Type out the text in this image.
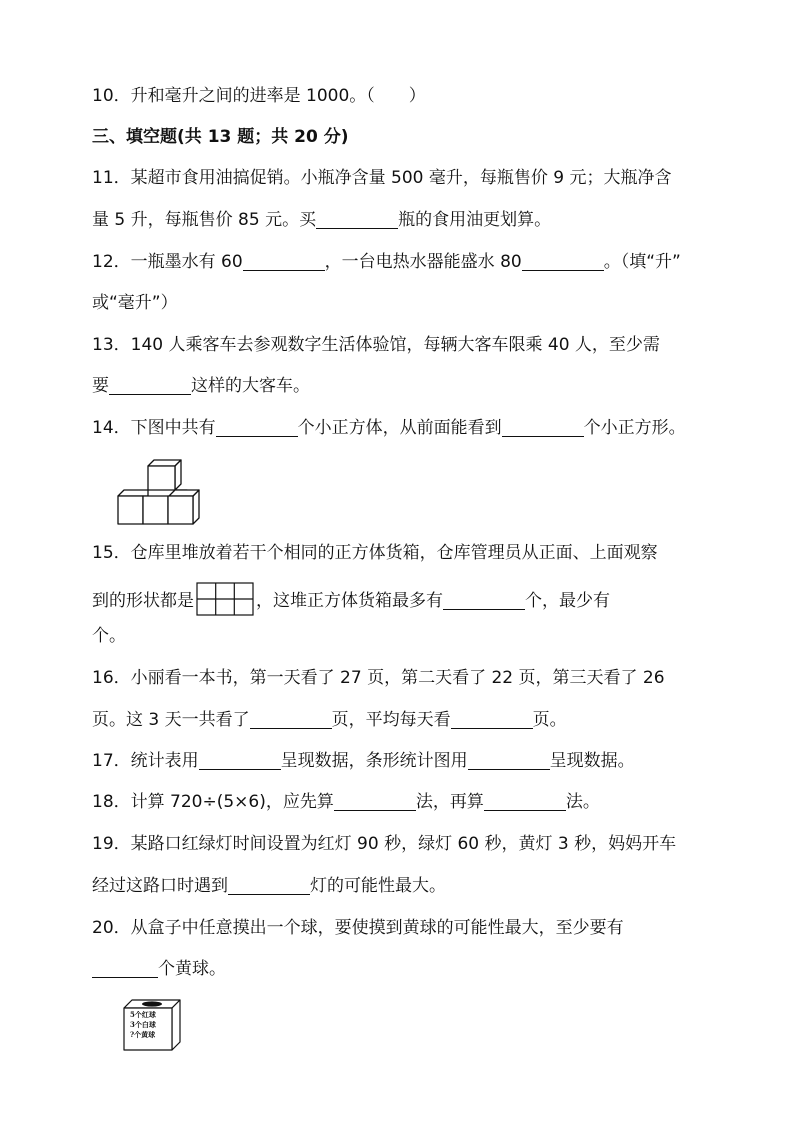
10．升和毫升之间的进率是 1000。（　　）
三、填空题(共 13 题；共 20 分)
11．某超市食用油搞促销。小瓶净含量 500 毫升，每瓶售价 9 元；大瓶净含
量 5 升，每瓶售价 85 元。买	瓶的食用油更划算。
12．一瓶墨水有 60	，一台电热水器能盛水 80	。（填“升”
或“毫升”）
13．140 人乘客车去参观数字生活体验馆，每辆大客车限乘 40 人，至少需
要	这样的大客车。
14．下图中共有	个小正方体，从前面能看到	个小正方形。
15．仓库里堆放着若干个相同的正方体货箱，仓库管理员从正面、上面观察
到的形状都是	，这堆正方体货箱最多有	个，最少有
个。
16．小丽看一本书，第一天看了 27 页，第二天看了 22 页，第三天看了 26
页。这 3 天一共看了	页，平均每天看	页。
17．统计表用	呈现数据，条形统计图用	呈现数据。
18．计算 720÷(5×6)，应先算	法，再算	法。
19．某路口红绿灯时间设置为红灯 90 秒，绿灯 60 秒，黄灯 3 秒，妈妈开车
经过这路口时遇到	灯的可能性最大。
20．从盒子中任意摸出一个球，要使摸到黄球的可能性最大，至少要有
个黄球。
5个红球
3个白球
?个黄球
